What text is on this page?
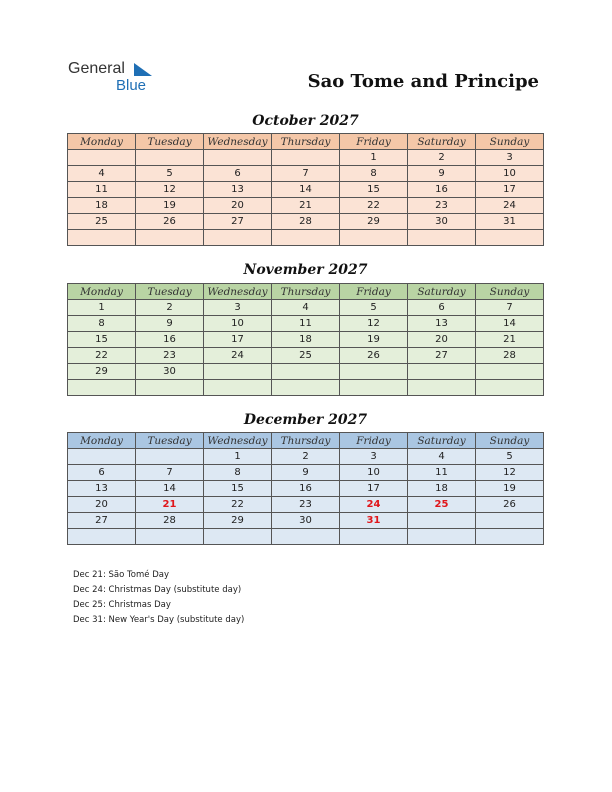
General
Blue	Sao Tome and Principe
October 2027
Monday	Tuesday	Wednesday	Thursday	Friday	Saturday	Sunday
				1	2	3
4	5	6	7	8	9	10
11	12	13	14	15	16	17
18	19	20	21	22	23	24
25	26	27	28	29	30	31

November 2027
Monday	Tuesday	Wednesday	Thursday	Friday	Saturday	Sunday
1	2	3	4	5	6	7
8	9	10	11	12	13	14
15	16	17	18	19	20	21
22	23	24	25	26	27	28
29	30					

December 2027
Monday	Tuesday	Wednesday	Thursday	Friday	Saturday	Sunday
		1	2	3	4	5
6	7	8	9	10	11	12
13	14	15	16	17	18	19
20	21	22	23	24	25	26
27	28	29	30	31		

Dec 21: São Tomé Day
Dec 24: Christmas Day (substitute day)
Dec 25: Christmas Day
Dec 31: New Year's Day (substitute day)
